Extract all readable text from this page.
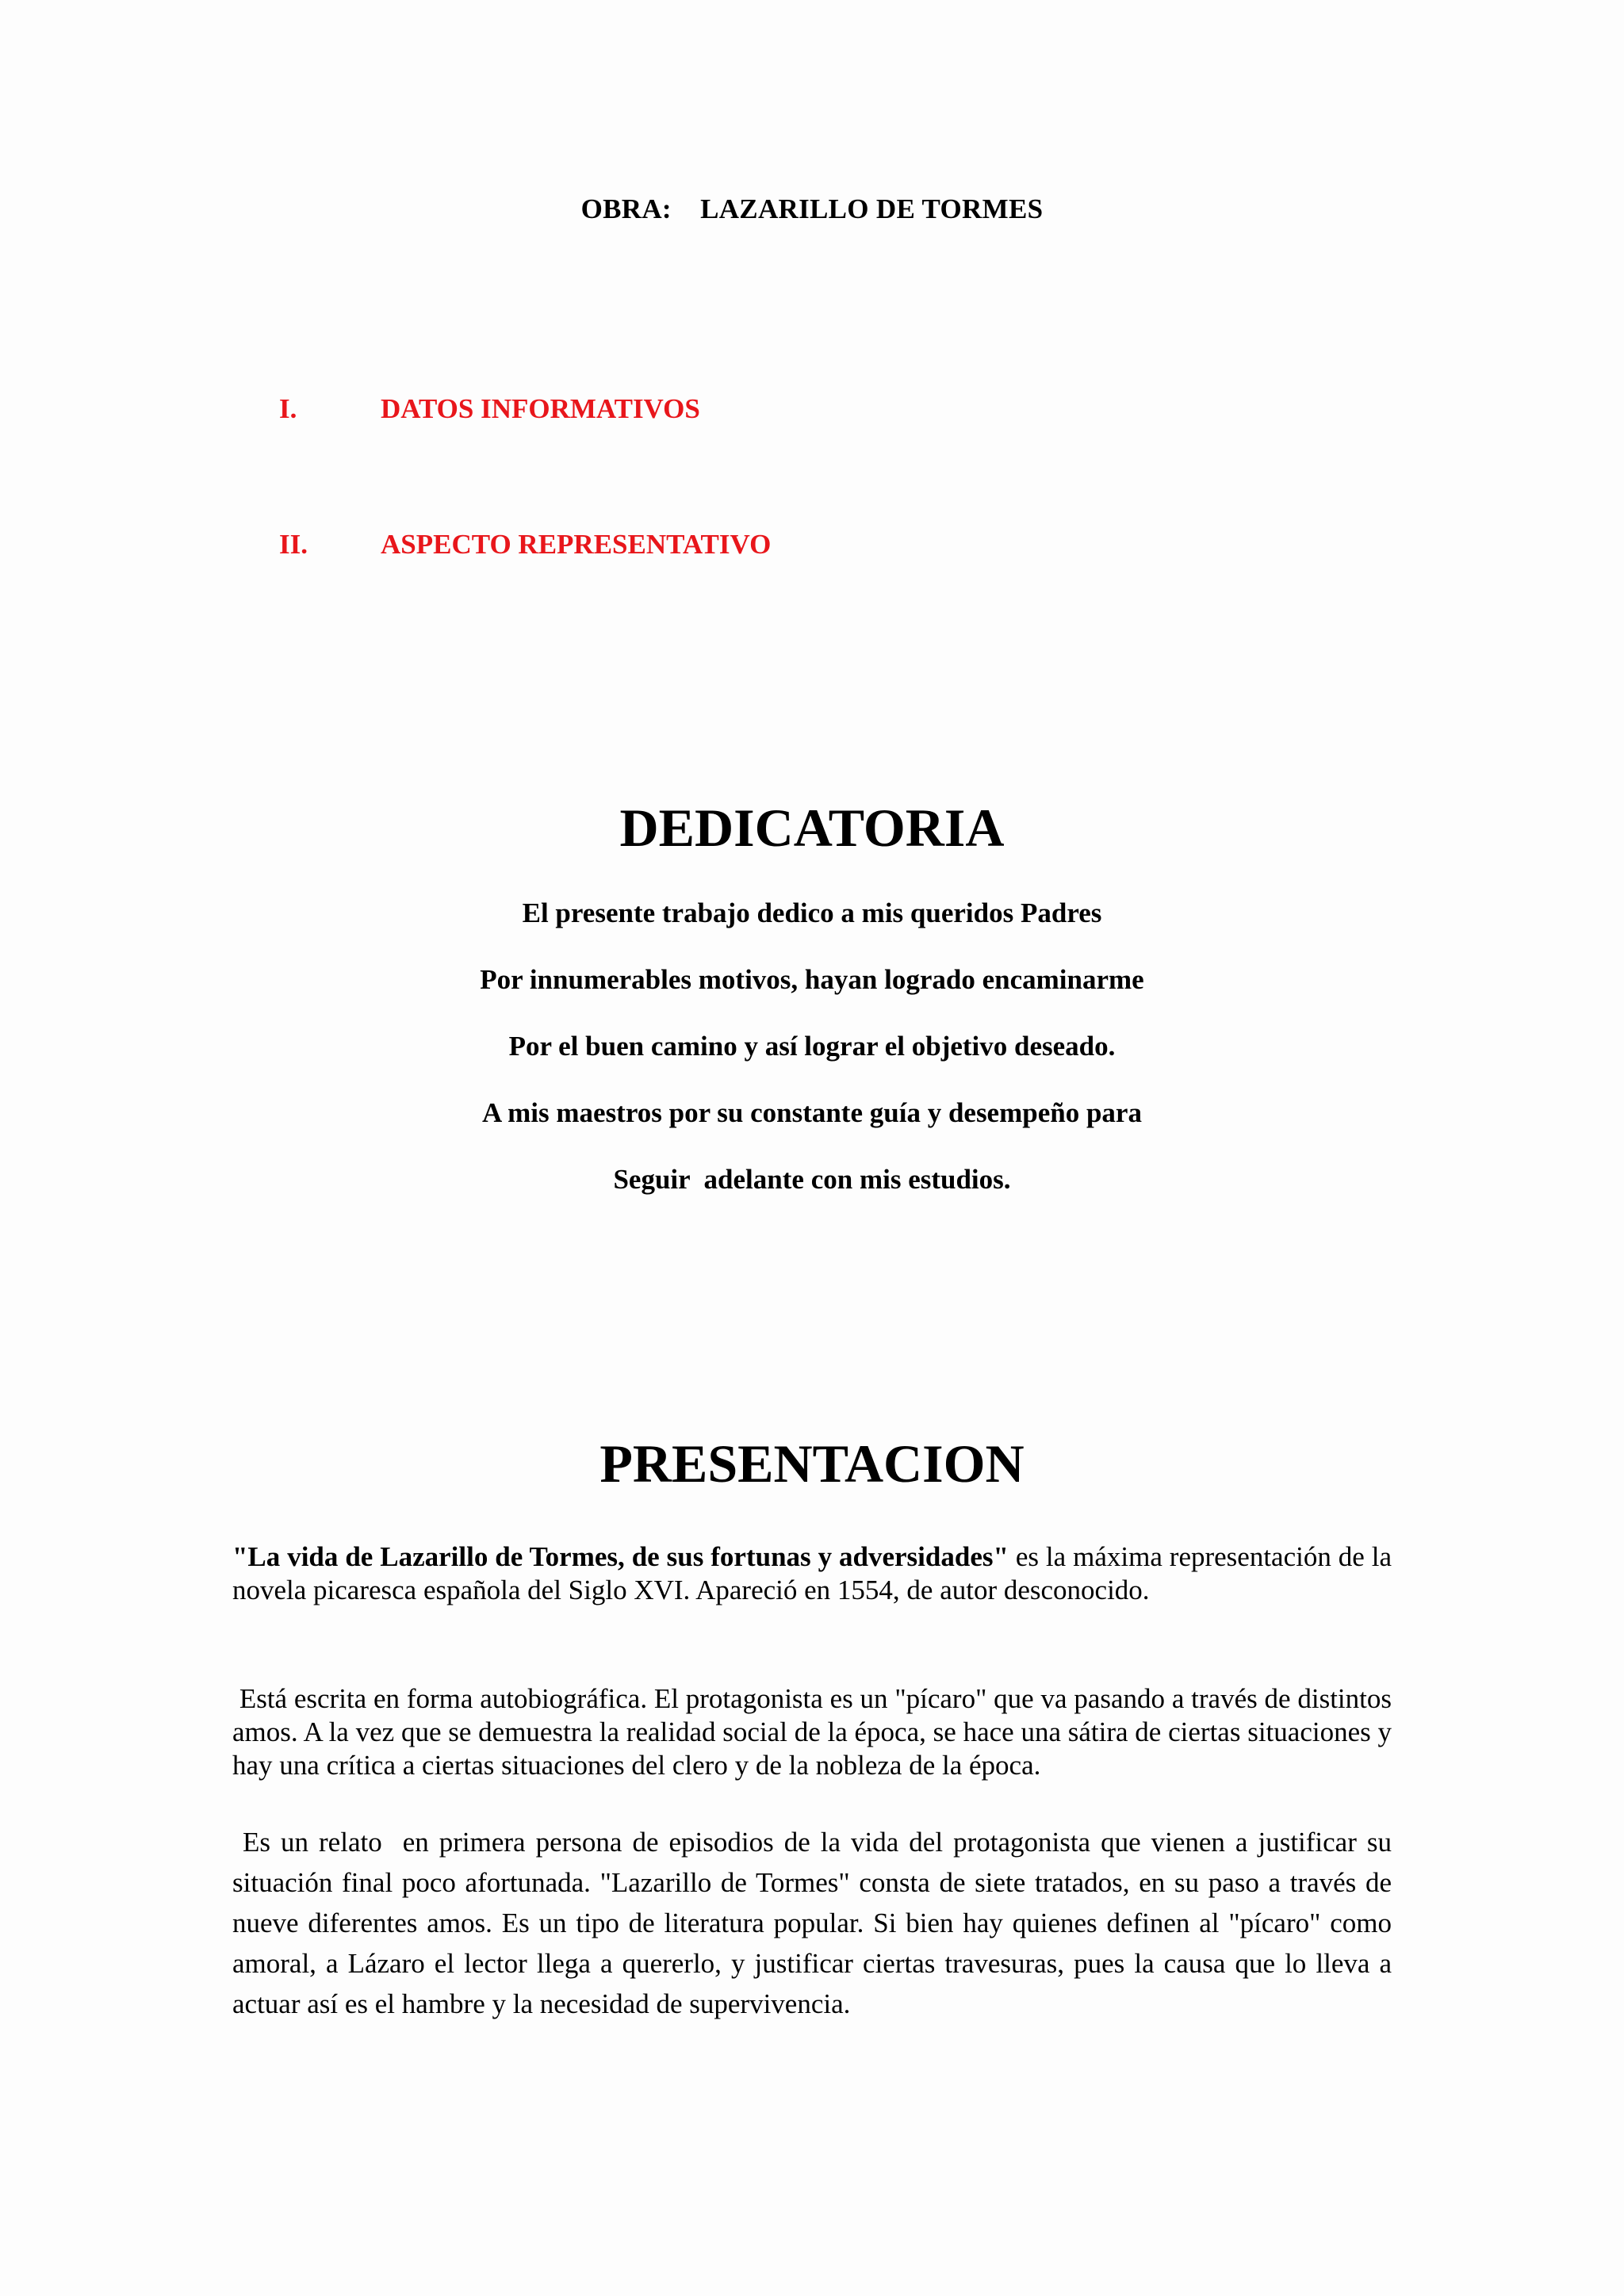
OBRA:    LAZARILLO DE TORMES
I.	DATOS INFORMATIVOS
II.	ASPECTO REPRESENTATIVO
DEDICATORIA
El presente trabajo dedico a mis queridos Padres
Por innumerables motivos, hayan logrado encaminarme
Por el buen camino y así lograr el objetivo deseado.
A mis maestros por su constante guía y desempeño para
Seguir  adelante con mis estudios.
PRESENTACION
"La vida de Lazarillo de Tormes, de sus fortunas y adversidades" es la máxima representación de la novela picaresca española del Siglo XVI. Apareció en 1554, de autor desconocido.
Está escrita en forma autobiográfica. El protagonista es un "pícaro" que va pasando a través de distintos amos. A la vez que se demuestra la realidad social de la época, se hace una sátira de ciertas situaciones y hay una crítica a ciertas situaciones del clero y de la nobleza de la época.
Es un relato  en primera persona de episodios de la vida del protagonista que vienen a justificar su situación final poco afortunada. "Lazarillo de Tormes" consta de siete tratados, en su paso a través de nueve diferentes amos. Es un tipo de literatura popular. Si bien hay quienes definen al "pícaro" como amoral, a Lázaro el lector llega a quererlo, y justificar ciertas travesuras, pues la causa que lo lleva a actuar así es el hambre y la necesidad de supervivencia.
